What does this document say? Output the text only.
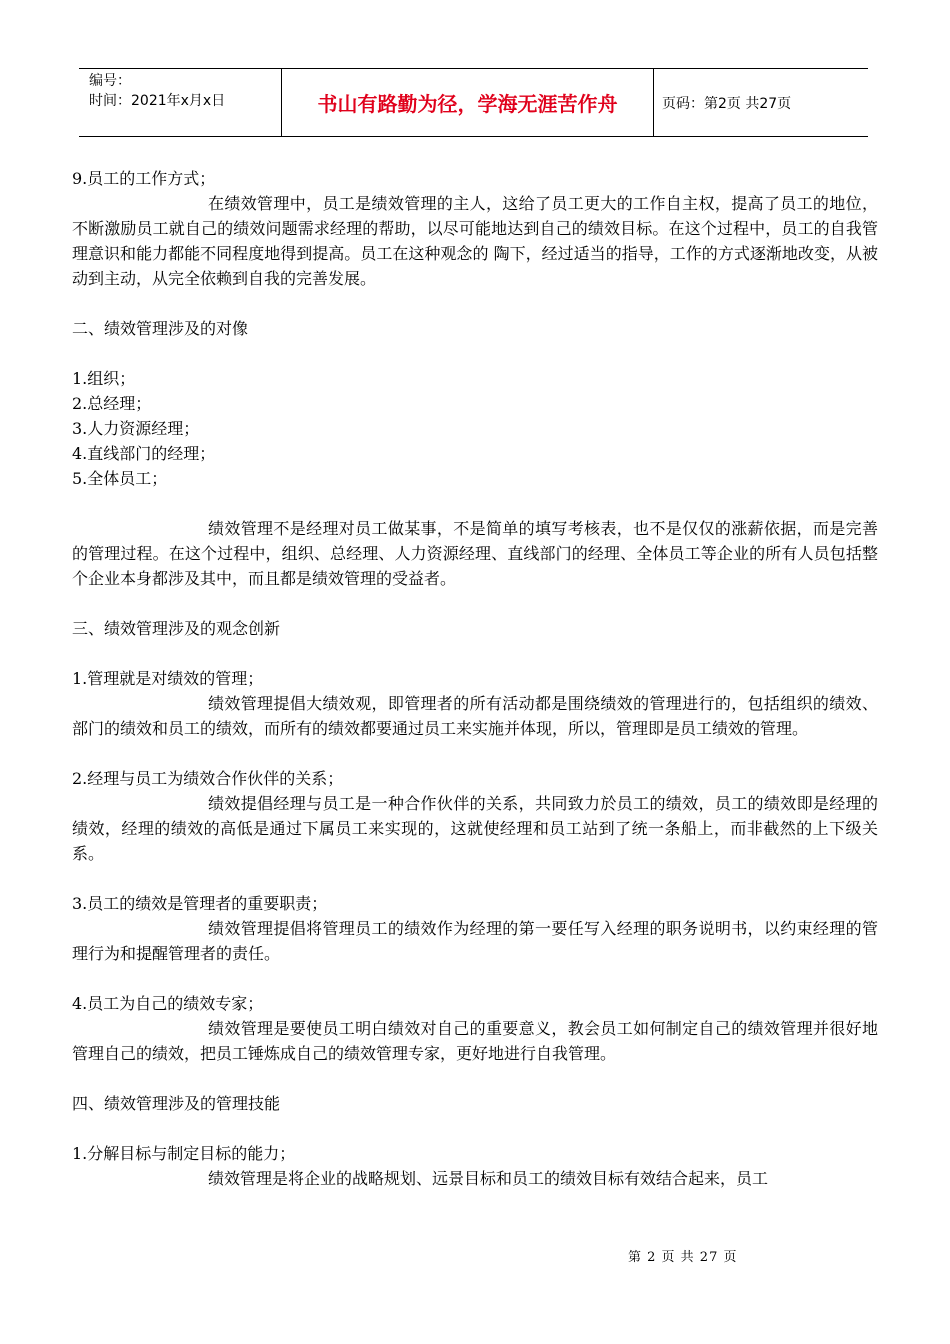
编号：
时间：2021年x月x日	书山有路勤为径，学海无涯苦作舟	页码：第2页 共27页

9.员工的工作方式；

在绩效管理中，员工是绩效管理的主人，这给了员工更大的工作自主权，提高了员工的地位，不断激励员工就自己的绩效问题需求经理的帮助，以尽可能地达到自己的绩效目标。在这个过程中，员工的自我管理意识和能力都能不同程度地得到提高。员工在这种观念的 陶下，经过适当的指导，工作的方式逐渐地改变，从被动到主动，从完全依赖到自我的完善发展。

二、绩效管理涉及的对像

1.组织；

2.总经理；

3.人力资源经理；

4.直线部门的经理；

5.全体员工；

绩效管理不是经理对员工做某事，不是简单的填写考核表，也不是仅仅的涨薪依据，而是完善的管理过程。在这个过程中，组织、总经理、人力资源经理、直线部门的经理、全体员工等企业的所有人员包括整个企业本身都涉及其中，而且都是绩效管理的受益者。

三、绩效管理涉及的观念创新

1.管理就是对绩效的管理；

绩效管理提倡大绩效观，即管理者的所有活动都是围绕绩效的管理进行的，包括组织的绩效、部门的绩效和员工的绩效，而所有的绩效都要通过员工来实施并体现，所以，管理即是员工绩效的管理。

2.经理与员工为绩效合作伙伴的关系；

绩效提倡经理与员工是一种合作伙伴的关系，共同致力於员工的绩效，员工的绩效即是经理的绩效，经理的绩效的高低是通过下属员工来实现的，这就使经理和员工站到了统一条船上，而非截然的上下级关系。

3.员工的绩效是管理者的重要职责；

绩效管理提倡将管理员工的绩效作为经理的第一要任写入经理的职务说明书，以约束经理的管理行为和提醒管理者的责任。

4.员工为自己的绩效专家；

绩效管理是要使员工明白绩效对自己的重要意义，教会员工如何制定自己的绩效管理并很好地管理自己的绩效，把员工锤炼成自己的绩效管理专家，更好地进行自我管理。

四、绩效管理涉及的管理技能

1.分解目标与制定目标的能力；

绩效管理是将企业的战略规划、远景目标和员工的绩效目标有效结合起来，员工

第 2 页 共 27 页
